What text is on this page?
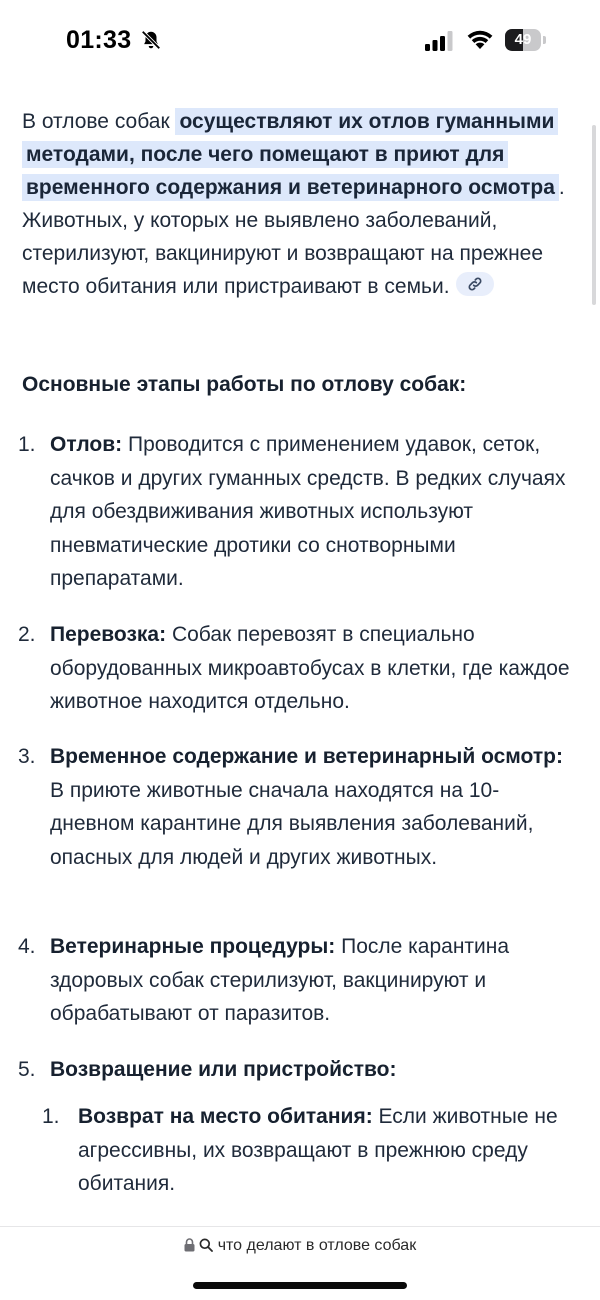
01:33	49
В отлове собак осуществляют их отлов гуманными методами, после чего помещают в приют для временного содержания и ветеринарного осмотра . Животных, у которых не выявлено заболеваний, стерилизуют, вакцинируют и возвращают на прежнее место обитания или пристраивают в семьи.
Основные этапы работы по отлову собак:
1. Отлов: Проводится с применением удавок, сеток, сачков и других гуманных средств. В редких случаях для обездвиживания животных используют пневматические дротики со снотворными препаратами.
2. Перевозка: Собак перевозят в специально оборудованных микроавтобусах в клетки, где каждое животное находится отдельно.
3. Временное содержание и ветеринарный осмотр: В приюте животные сначала находятся на 10-дневном карантине для выявления заболеваний, опасных для людей и других животных.
4. Ветеринарные процедуры: После карантина здоровых собак стерилизуют, вакцинируют и обрабатывают от паразитов.
5. Возвращение или пристройство:
1. Возврат на место обитания: Если животные не агрессивны, их возвращают в прежнюю среду обитания.
что делают в отлове собак
